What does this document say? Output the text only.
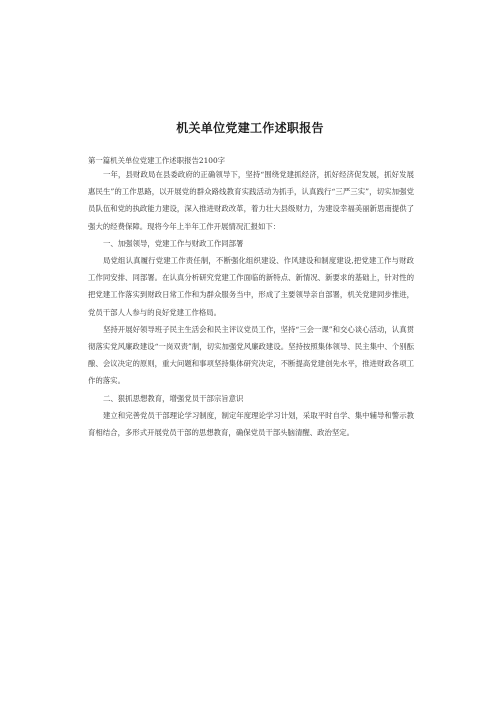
机关单位党建工作述职报告
第一篇机关单位党建工作述职报告2100字

一年，县财政局在县委政府的正确领导下，坚持“围绕党建抓经济，抓好经济促发展，抓好发展惠民生”的工作思路，以开展党的群众路线教育实践活动为抓手，认真践行“三严三实”，切实加强党员队伍和党的执政能力建设，深入推进财政改革，着力壮大县级财力，为建设幸福美丽新思南提供了强大的经费保障。现将今年上半年工作开展情况汇报如下：

一、加强领导，党建工作与财政工作同部署

局党组认真履行党建工作责任制，不断强化组织建设、作风建设和制度建设,把党建工作与财政工作同安排、同部署。在认真分析研究党建工作面临的新特点、新情况、新要求的基础上，针对性的把党建工作落实到财政日常工作和为群众服务当中，形成了主要领导亲自部署，机关党建同步推进，党员干部人人参与的良好党建工作格局。

坚持开展好领导班子民主生活会和民主评议党员工作，坚持“三会一课”和交心谈心活动，认真贯彻落实党风廉政建设“一岗双责”制，切实加强党风廉政建设。坚持按照集体领导、民主集中、个别酝酿、会议决定的原则，重大问题和事项坚持集体研究决定，不断提高党建创先水平，推进财政各项工作的落实。

二、狠抓思想教育，增强党员干部宗旨意识

建立和完善党员干部理论学习制度，制定年度理论学习计划，采取平时自学、集中辅导和警示教育相结合，多形式开展党员干部的思想教育，确保党员干部头脑清醒、政治坚定。
